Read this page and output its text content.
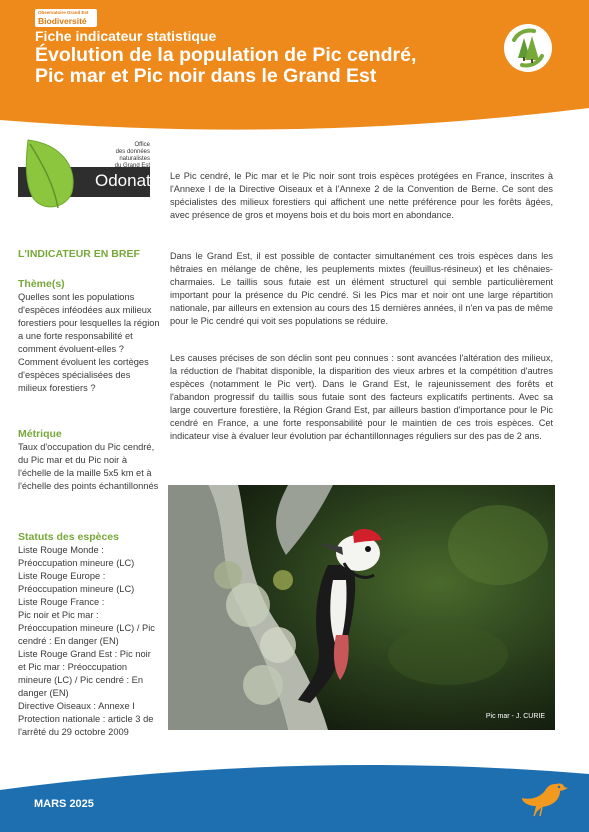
Observatoire Grand Est
Biodiversité
Fiche indicateur statistique
Évolution de la population de Pic cendré,
Pic mar et Pic noir dans le Grand Est
Office
des données
naturalistes
du Grand Est
Odonat
L'INDICATEUR EN BREF
Thème(s)
Quelles sont les populations d'espèces inféodées aux milieux forestiers pour lesquelles la région a une forte responsabilité et comment évoluent-elles ? Comment évoluent les cortèges d'espèces spécialisées des milieux forestiers ?
Métrique
Taux d'occupation du Pic cendré, du Pic mar et du Pic noir à l'échelle de la maille 5x5 km et à l'échelle des points échantillonnés
Statuts des espèces
Liste Rouge Monde :
Préoccupation mineure (LC)
Liste Rouge Europe :
Préoccupation mineure (LC)
Liste Rouge France :
Pic noir et Pic mar :
Préoccupation mineure (LC) / Pic
cendré : En danger (EN)
Liste Rouge Grand Est : Pic noir
et Pic mar : Préoccupation
mineure (LC) / Pic cendré : En
danger (EN)
Directive Oiseaux : Annexe I
Protection nationale : article 3 de
l'arrêté du 29 octobre 2009
Le Pic cendré, le Pic mar et le Pic noir sont trois espèces protégées en France, inscrites à l'Annexe I de la Directive Oiseaux et à l'Annexe 2 de la Convention de Berne. Ce sont des spécialistes des milieux forestiers qui affichent une nette préférence pour les forêts âgées, avec présence de gros et moyens bois et du bois mort en abondance.
Dans le Grand Est, il est possible de contacter simultanément ces trois espèces dans les hêtraies en mélange de chêne, les peuplements mixtes (feuillus-résineux) et les chênaies-charmaies. Le taillis sous futaie est un élément structurel qui semble particulièrement important pour la présence du Pic cendré. Si les Pics mar et noir ont une large répartition nationale, par ailleurs en extension au cours des 15 dernières années, il n'en va pas de même pour le Pic cendré qui voit ses populations se réduire.
Les causes précises de son déclin sont peu connues : sont avancées l'altération des milieux, la réduction de l'habitat disponible, la disparition des vieux arbres et la compétition d'autres espèces (notamment le Pic vert). Dans le Grand Est, le rajeunissement des forêts et l'abandon progressif du taillis sous futaie sont des facteurs explicatifs pertinents. Avec sa large couverture forestière, la Région Grand Est, par ailleurs bastion d'importance pour le Pic cendré en France, a une forte responsabilité pour le maintien de ces trois espèces. Cet indicateur vise à évaluer leur évolution par échantillonnages réguliers sur des pas de 2 ans.
Pic mar - J. CURIE
MARS 2025
